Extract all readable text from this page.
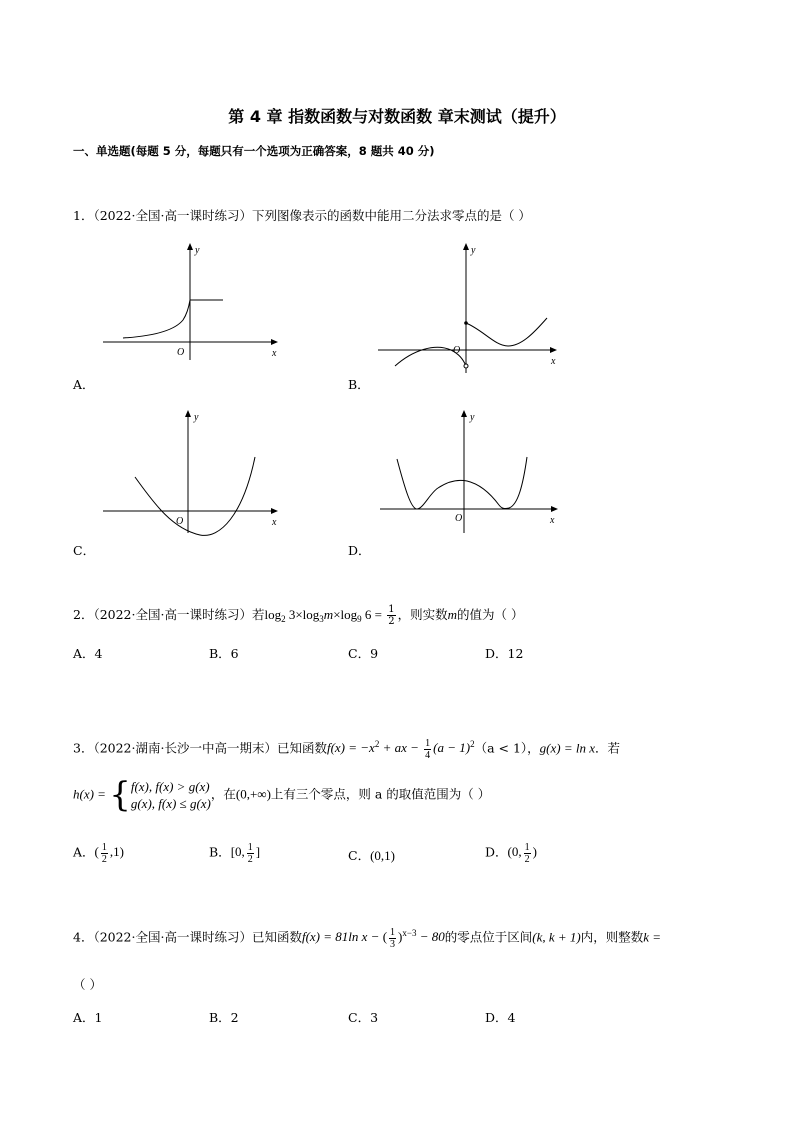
第 4 章 指数函数与对数函数 章末测试（提升）
一、单选题(每题 5 分，每题只有一个选项为正确答案，8 题共 40 分)
1．（2022·全国·高一课时练习）下列图像表示的函数中能用二分法求零点的是（ ）
O	x
y
A．
O
x
y
B．
O	x
y
C．
O	x
y
D．
2．（2022·全国·高一课时练习）若$\log_2 3\times\log_3m\times\log_9$ $6 = \frac{1}{2}$ ，则实数m的值为（ ）
A．4	B．6	C．9	D．12
3．（2022·湖南·长沙一中高一期末）已知函数$f(x) = -x^2$ + ax − $\frac{1}{4} (a - 1)^2(a < 1)$，g(x) = ln x．若
h(x) = {f(x), f(x) > g(x)
g(x), f(x) ≤ g(x)，在(0,+∞)上有三个零点，则 a 的取值范围为（ ）
A．( $\frac{1}{2} ,1$)	B．[0, $\frac{1}{2}$ ]	C．(0,1)	D．(0, $\frac{1}{2}$ )
4．（2022·全国·高一课时练习）已知函数f(x) = 81ln x − ( $\frac{1}{3} )^{x-3} - 80$的零点位于区间(k, k + 1)内，则整数k =
（ ）
A．1	B．2	C．3	D．4
